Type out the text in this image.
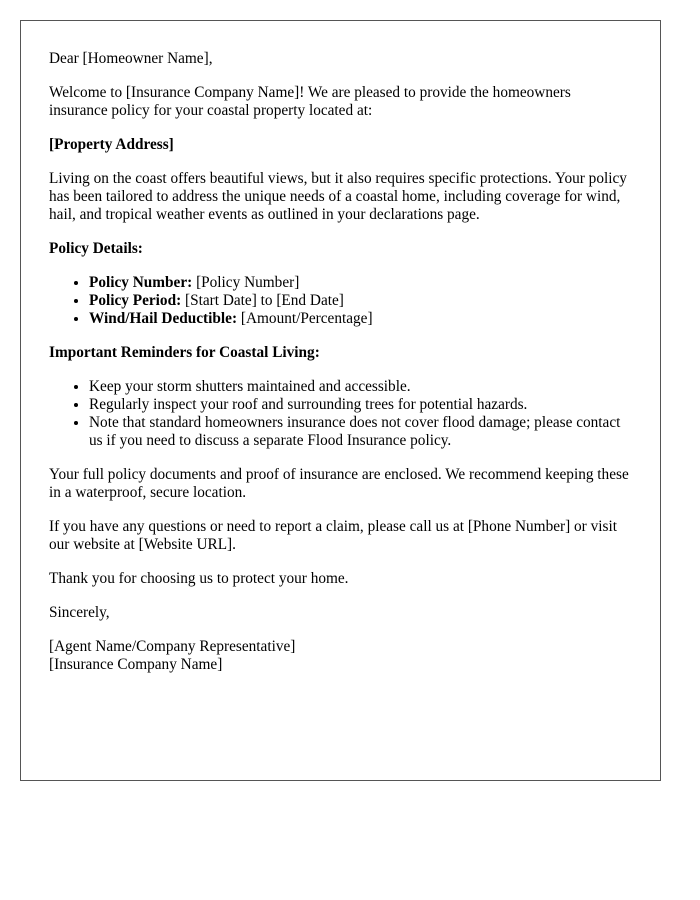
Dear [Homeowner Name],

Welcome to [Insurance Company Name]! We are pleased to provide the homeowners insurance policy for your coastal property located at:

[Property Address]

Living on the coast offers beautiful views, but it also requires specific protections. Your policy has been tailored to address the unique needs of a coastal home, including coverage for wind, hail, and tropical weather events as outlined in your declarations page.

Policy Details:

• Policy Number: [Policy Number]
• Policy Period: [Start Date] to [End Date]
• Wind/Hail Deductible: [Amount/Percentage]

Important Reminders for Coastal Living:

• Keep your storm shutters maintained and accessible.
• Regularly inspect your roof and surrounding trees for potential hazards.
• Note that standard homeowners insurance does not cover flood damage; please contact us if you need to discuss a separate Flood Insurance policy.

Your full policy documents and proof of insurance are enclosed. We recommend keeping these in a waterproof, secure location.

If you have any questions or need to report a claim, please call us at [Phone Number] or visit our website at [Website URL].

Thank you for choosing us to protect your home.

Sincerely,

[Agent Name/Company Representative]
[Insurance Company Name]
